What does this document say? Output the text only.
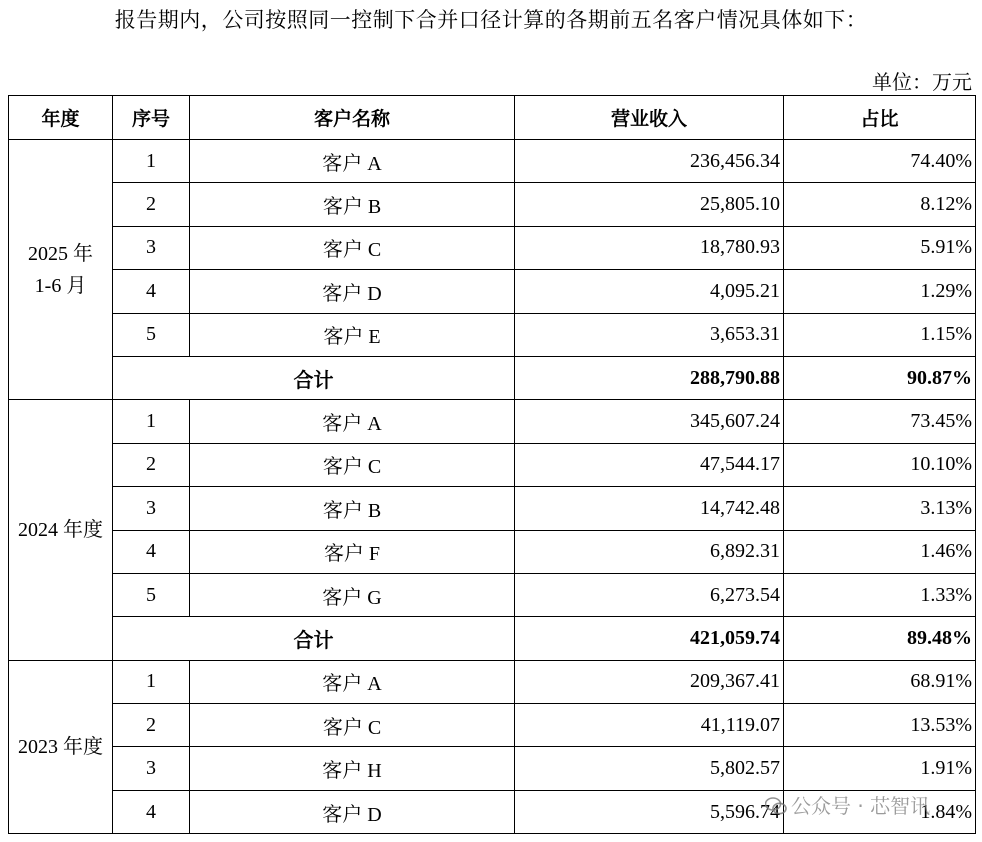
报告期内，公司按照同一控制下合并口径计算的各期前五名客户情况具体如下：
单位：万元
年度	序号	客户名称	营业收入	占比
2025 年
1-6 月	1	客户 A	236,456.34	74.40%
	2	客户 B	25,805.10	8.12%
	3	客户 C	18,780.93	5.91%
	4	客户 D	4,095.21	1.29%
	5	客户 E	3,653.31	1.15%
	合计		288,790.88	90.87%
2024 年度	1	客户 A	345,607.24	73.45%
	2	客户 C	47,544.17	10.10%
	3	客户 B	14,742.48	3.13%
	4	客户 F	6,892.31	1.46%
	5	客户 G	6,273.54	1.33%
	合计		421,059.74	89.48%
2023 年度	1	客户 A	209,367.41	68.91%
	2	客户 C	41,119.07	13.53%
	3	客户 H	5,802.57	1.91%
	4	客户 D	5,596.74	1.84%
公众号 · 芯智讯
